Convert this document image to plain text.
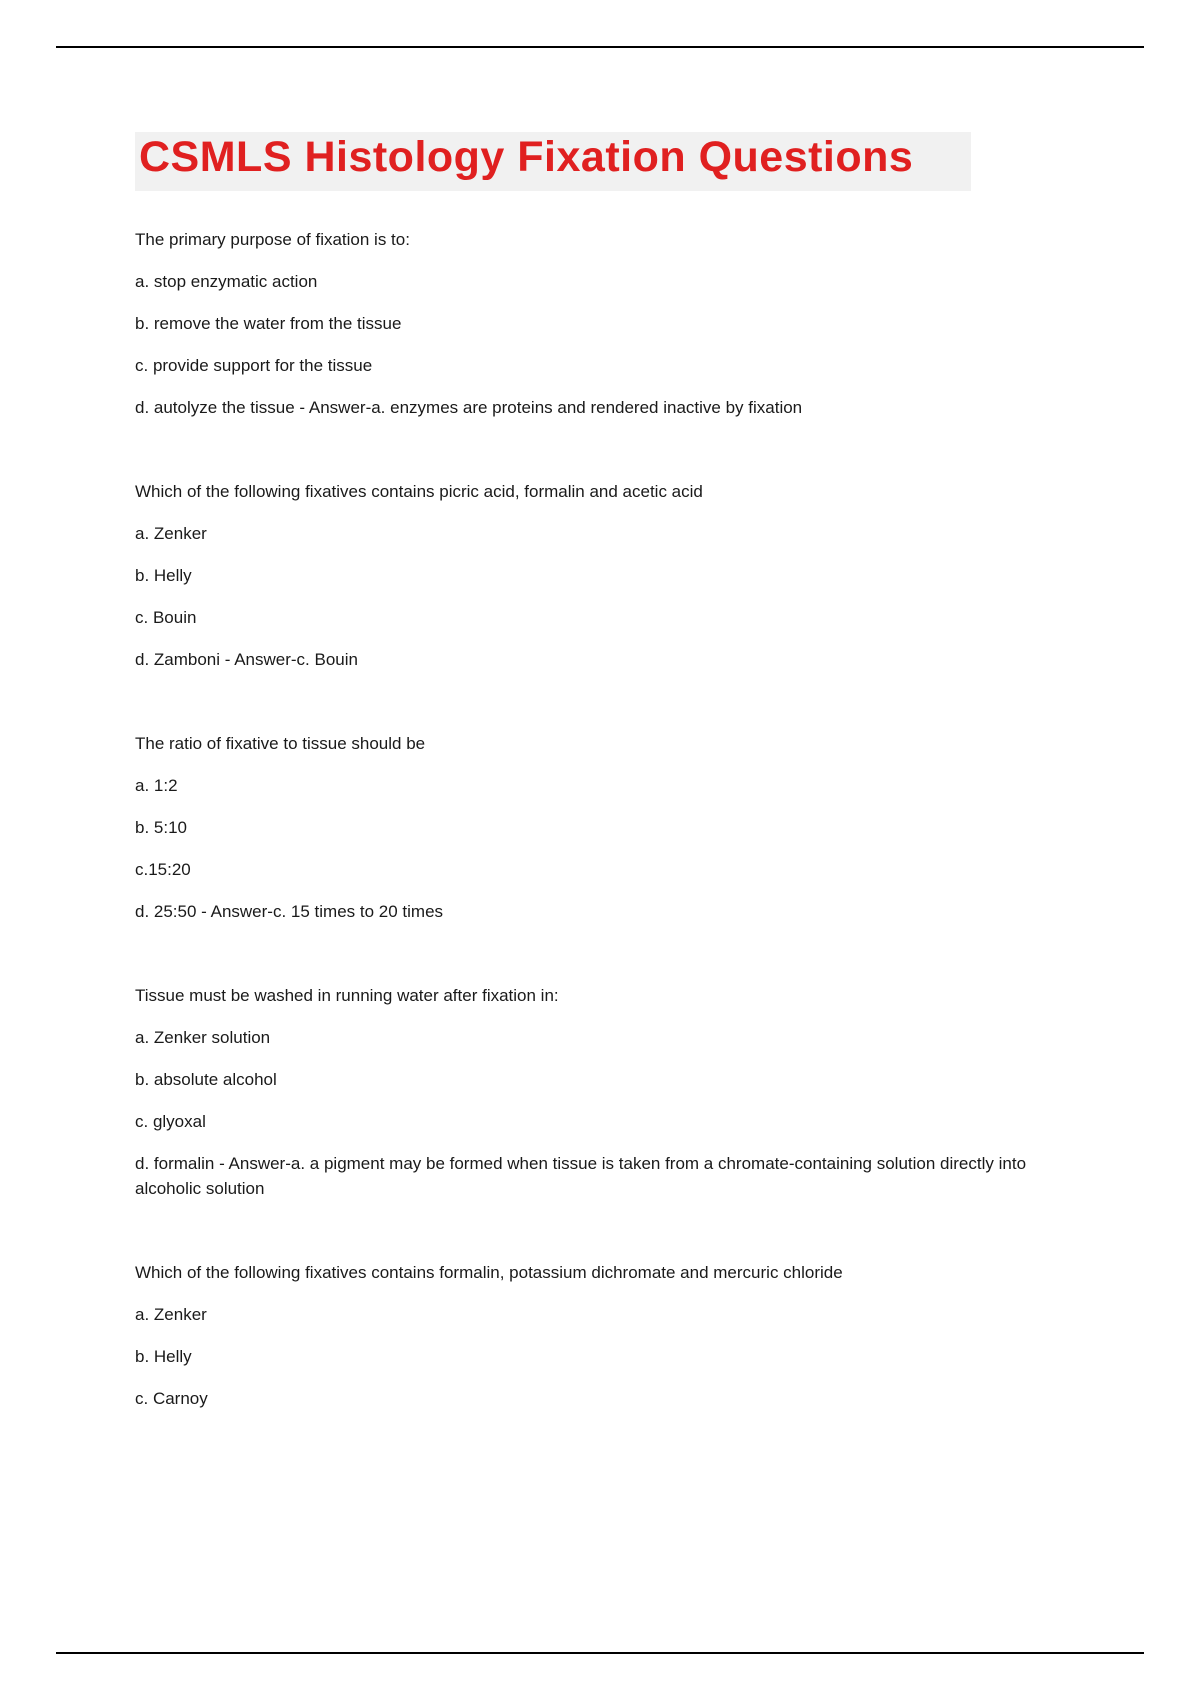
CSMLS Histology Fixation Questions

The primary purpose of fixation is to:

a. stop enzymatic action

b. remove the water from the tissue

c. provide support for the tissue

d. autolyze the tissue - Answer-a. enzymes are proteins and rendered inactive by fixation

Which of the following fixatives contains picric acid, formalin and acetic acid

a. Zenker

b. Helly

c. Bouin

d. Zamboni - Answer-c. Bouin

The ratio of fixative to tissue should be

a. 1:2

b. 5:10

c.15:20

d. 25:50 - Answer-c. 15 times to 20 times

Tissue must be washed in running water after fixation in:

a. Zenker solution

b. absolute alcohol

c. glyoxal

d. formalin - Answer-a. a pigment may be formed when tissue is taken from a chromate-containing solution directly into alcoholic solution

Which of the following fixatives contains formalin, potassium dichromate and mercuric chloride

a. Zenker

b. Helly

c. Carnoy
